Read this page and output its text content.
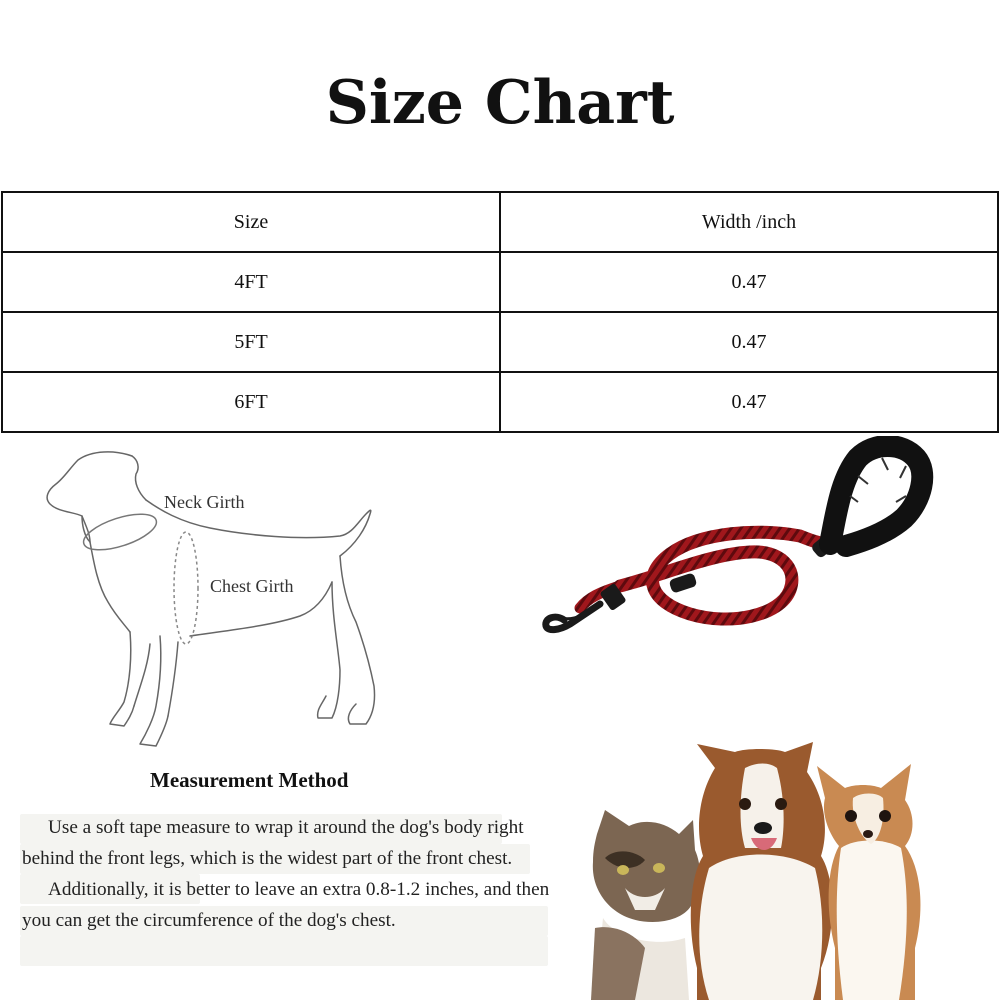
Size Chart
Size	Width /inch
4FT	0.47
5FT	0.47
6FT	0.47
Neck Girth
Chest Girth
Measurement Method

Use a soft tape measure to wrap it around the dog's body right behind the front legs, which is the widest part of the front chest.

Additionally, it is better to leave an extra 0.8-1.2 inches, and then you can get the circumference of the dog's chest.
